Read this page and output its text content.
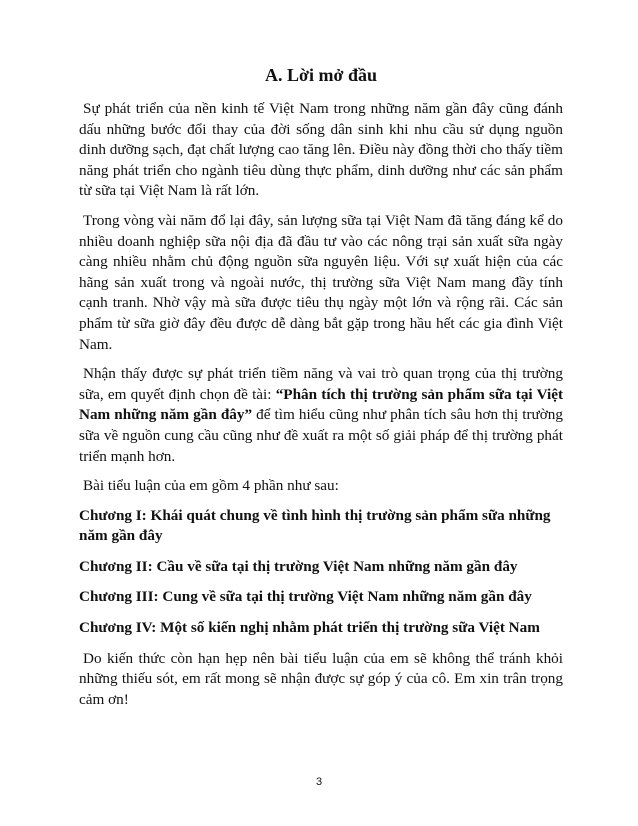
A. Lời mở đầu

Sự phát triển của nền kinh tế Việt Nam trong những năm gần đây cũng đánh dấu những bước đổi thay của đời sống dân sinh khi nhu cầu sử dụng nguồn dinh dưỡng sạch, đạt chất lượng cao tăng lên. Điều này đồng thời cho thấy tiềm năng phát triển cho ngành tiêu dùng thực phẩm, dinh dưỡng như các sản phẩm từ sữa tại Việt Nam là rất lớn.

Trong vòng vài năm đổ lại đây, sản lượng sữa tại Việt Nam đã tăng đáng kể do nhiều doanh nghiệp sữa nội địa đã đầu tư vào các nông trại sản xuất sữa ngày càng nhiều nhằm chủ động nguồn sữa nguyên liệu. Với sự xuất hiện của các hãng sản xuất trong và ngoài nước, thị trường sữa Việt Nam mang đầy tính cạnh tranh. Nhờ vậy mà sữa được tiêu thụ ngày một lớn và rộng rãi. Các sản phẩm từ sữa giờ đây đều được dễ dàng bắt gặp trong hầu hết các gia đình Việt Nam.

Nhận thấy được sự phát triển tiềm năng và vai trò quan trọng của thị trường sữa, em quyết định chọn đề tài: “Phân tích thị trường sản phẩm sữa tại Việt Nam những năm gần đây” để tìm hiểu cũng như phân tích sâu hơn thị trường sữa về nguồn cung cầu cũng như đề xuất ra một số giải pháp để thị trường phát triển mạnh hơn.

Bài tiểu luận của em gồm 4 phần như sau:

Chương I: Khái quát chung về tình hình thị trường sản phẩm sữa những năm gần đây

Chương II: Cầu về sữa tại thị trường Việt Nam những năm gần đây

Chương III: Cung về sữa tại thị trường Việt Nam những năm gần đây

Chương IV: Một số kiến nghị nhằm phát triển thị trường sữa Việt Nam

Do kiến thức còn hạn hẹp nên bài tiểu luận của em sẽ không thể tránh khỏi những thiếu sót, em rất mong sẽ nhận được sự góp ý của cô. Em xin trân trọng cảm ơn!

3
